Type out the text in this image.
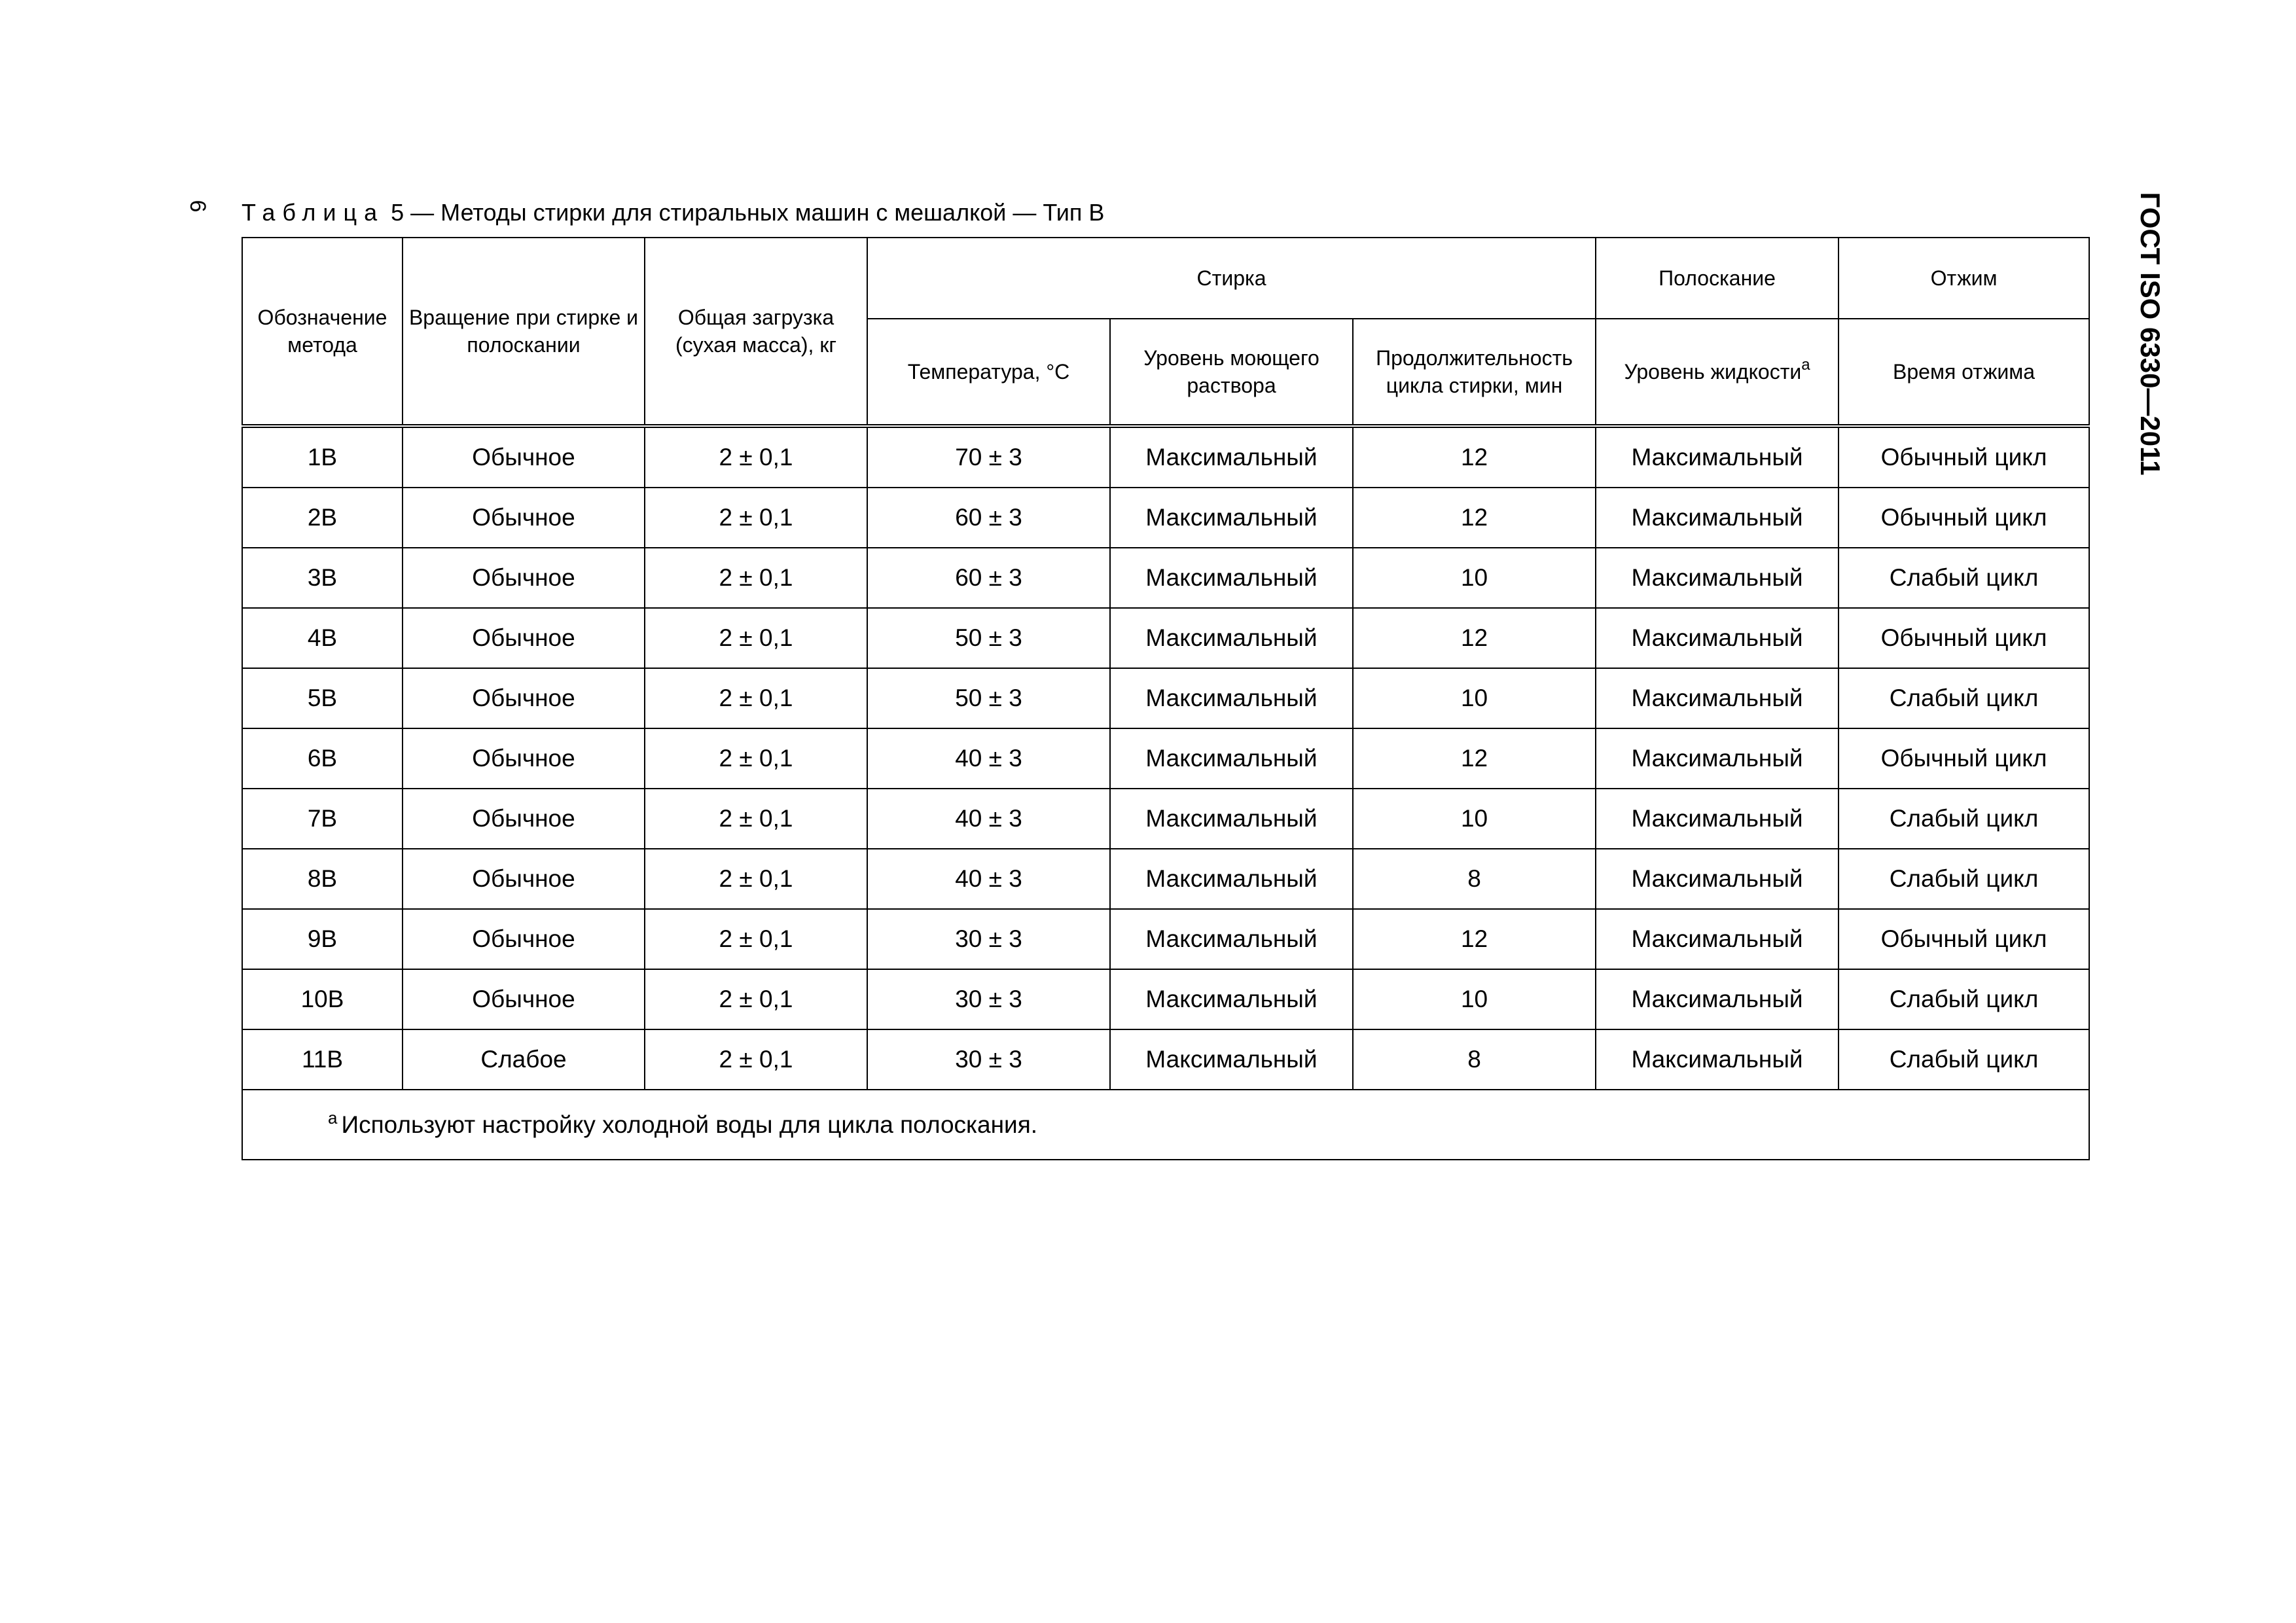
6	ГОСТ ISO 6330—2011
Таблица 5 — Методы стирки для стиральных машин с мешалкой — Тип В
Обозначение метода	Вращение при стирке и полоскании	Общая загрузка (сухая масса), кг	Стирка			Полоскание	Отжим
			Температура, °С	Уровень моющего раствора	Продолжительность цикла стирки, мин	Уровень жидкости$^а$	Время отжима
1В	Обычное	2 ± 0,1	70 ± 3	Максимальный	12	Максимальный	Обычный цикл
2В	Обычное	2 ± 0,1	60 ± 3	Максимальный	12	Максимальный	Обычный цикл
3В	Обычное	2 ± 0,1	60 ± 3	Максимальный	10	Максимальный	Слабый цикл
4В	Обычное	2 ± 0,1	50 ± 3	Максимальный	12	Максимальный	Обычный цикл
5В	Обычное	2 ± 0,1	50 ± 3	Максимальный	10	Максимальный	Слабый цикл
6В	Обычное	2 ± 0,1	40 ± 3	Максимальный	12	Максимальный	Обычный цикл
7В	Обычное	2 ± 0,1	40 ± 3	Максимальный	10	Максимальный	Слабый цикл
8В	Обычное	2 ± 0,1	40 ± 3	Максимальный	8	Максимальный	Слабый цикл
9В	Обычное	2 ± 0,1	30 ± 3	Максимальный	12	Максимальный	Обычный цикл
10В	Обычное	2 ± 0,1	30 ± 3	Максимальный	10	Максимальный	Слабый цикл
11В	Слабое	2 ± 0,1	30 ± 3	Максимальный	8	Максимальный	Слабый цикл
$^а$ Используют настройку холодной воды для цикла полоскания.							
